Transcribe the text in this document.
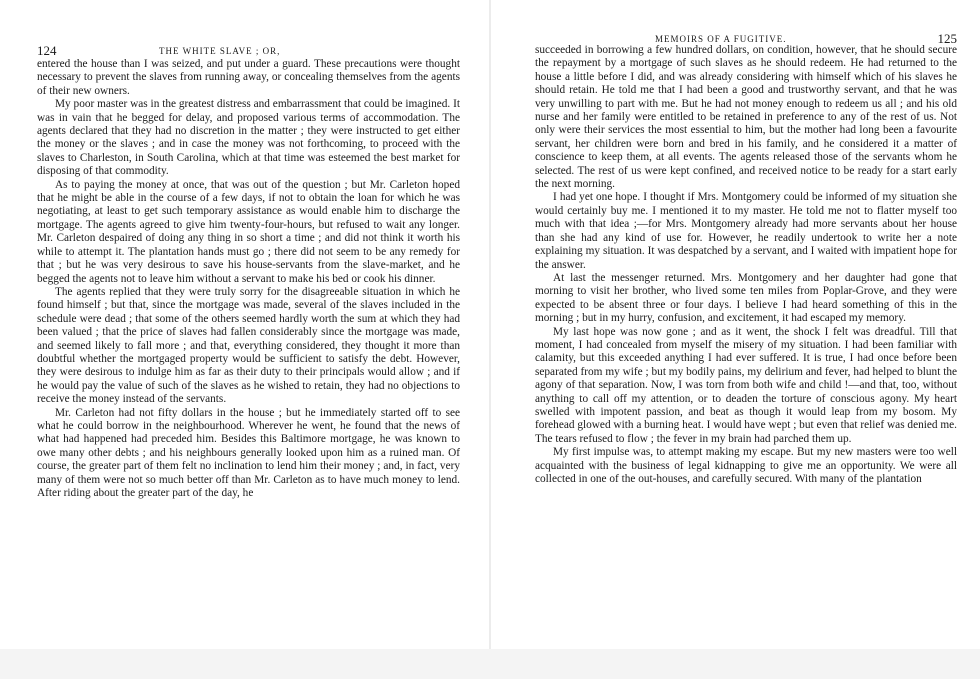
124	THE WHITE SLAVE ; OR,

entered the house than I was seized, and put under a guard. These precautions were thought necessary to prevent the slaves from running away, or concealing themselves from the agents of their new owners.

My poor master was in the greatest distress and embarrassment that could be imagined. It was in vain that he begged for delay, and proposed various terms of accommodation. The agents declared that they had no discretion in the matter ; they were instructed to get either the money or the slaves ; and in case the money was not forthcoming, to proceed with the slaves to Charleston, in South Carolina, which at that time was esteemed the best market for disposing of that commodity.

As to paying the money at once, that was out of the question ; but Mr. Carleton hoped that he might be able in the course of a few days, if not to obtain the loan for which he was negotiating, at least to get such temporary assistance as would enable him to discharge the mortgage. The agents agreed to give him twenty-four-hours, but refused to wait any longer. Mr. Carleton despaired of doing any thing in so short a time ; and did not think it worth his while to attempt it. The plantation hands must go ; there did not seem to be any remedy for that ; but he was very desirous to save his house-servants from the slave-market, and he begged the agents not to leave him without a servant to make his bed or cook his dinner.

The agents replied that they were truly sorry for the disagreeable situation in which he found himself ; but that, since the mortgage was made, several of the slaves included in the schedule were dead ; that some of the others seemed hardly worth the sum at which they had been valued ; that the price of slaves had fallen considerably since the mortgage was made, and seemed likely to fall more ; and that, everything considered, they thought it more than doubtful whether the mortgaged property would be sufficient to satisfy the debt. However, they were desirous to indulge him as far as their duty to their principals would allow ; and if he would pay the value of such of the slaves as he wished to retain, they had no objections to receive the money instead of the servants.

Mr. Carleton had not fifty dollars in the house ; but he immediately started off to see what he could borrow in the neighbourhood. Wherever he went, he found that the news of what had happened had preceded him. Besides this Baltimore mortgage, he was known to owe many other debts ; and his neighbours generally looked upon him as a ruined man. Of course, the greater part of them felt no inclination to lend him their money ; and, in fact, very many of them were not so much better off than Mr. Carleton as to have much money to lend. After riding about the greater part of the day, he

MEMOIRS OF A FUGITIVE.	125

succeeded in borrowing a few hundred dollars, on condition, however, that he should secure the repayment by a mortgage of such slaves as he should redeem. He had returned to the house a little before I did, and was already considering with himself which of his slaves he should retain. He told me that I had been a good and trustworthy servant, and that he was very unwilling to part with me. But he had not money enough to redeem us all ; and his old nurse and her family were entitled to be retained in preference to any of the rest of us. Not only were their services the most essential to him, but the mother had long been a favourite servant, her children were born and bred in his family, and he considered it a matter of conscience to keep them, at all events. The agents released those of the servants whom he selected. The rest of us were kept confined, and received notice to be ready for a start early the next morning.

I had yet one hope. I thought if Mrs. Montgomery could be informed of my situation she would certainly buy me. I mentioned it to my master. He told me not to flatter myself too much with that idea ;—for Mrs. Montgomery already had more servants about her house than she had any kind of use for. However, he readily undertook to write her a note explaining my situation. It was despatched by a servant, and I waited with impatient hope for the answer.

At last the messenger returned. Mrs. Montgomery and her daughter had gone that morning to visit her brother, who lived some ten miles from Poplar-Grove, and they were expected to be absent three or four days. I believe I had heard something of this in the morning ; but in my hurry, confusion, and excitement, it had escaped my memory.

My last hope was now gone ; and as it went, the shock I felt was dreadful. Till that moment, I had concealed from myself the misery of my situation. I had been familiar with calamity, but this exceeded anything I had ever suffered. It is true, I had once before been separated from my wife ; but my bodily pains, my delirium and fever, had helped to blunt the agony of that separation. Now, I was torn from both wife and child !—and that, too, without anything to call off my attention, or to deaden the torture of conscious agony. My heart swelled with impotent passion, and beat as though it would leap from my bosom. My forehead glowed with a burning heat. I would have wept ; but even that relief was denied me. The tears refused to flow ; the fever in my brain had parched them up.

My first impulse was, to attempt making my escape. But my new masters were too well acquainted with the business of legal kidnapping to give me an opportunity. We were all collected in one of the out-houses, and carefully secured. With many of the plantation
